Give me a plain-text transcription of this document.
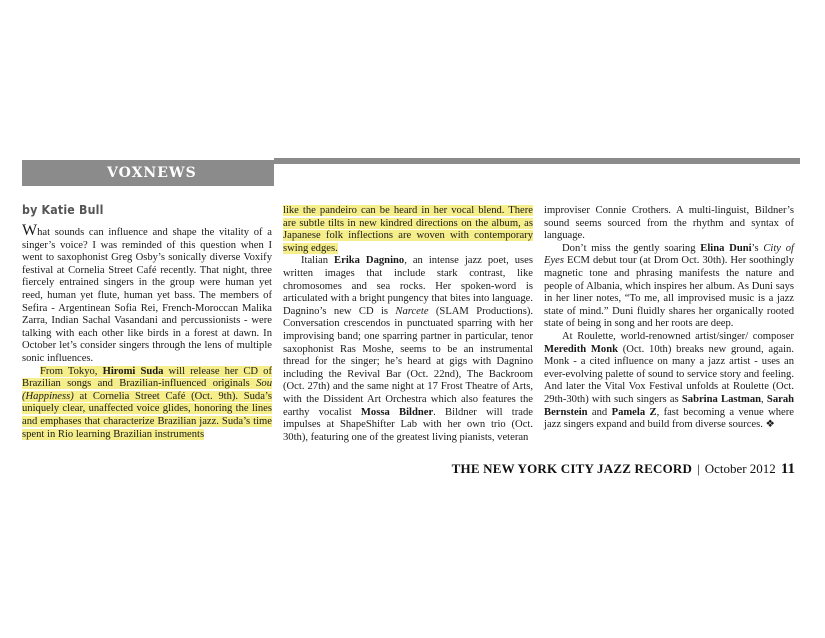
VOXNEWS
by Katie Bull

What sounds can influence and shape the vitality of a singer’s voice? I was reminded of this question when I went to saxophonist Greg Osby’s sonically diverse Voxify festival at Cornelia Street Café recently. That night, three fiercely entrained singers in the group were human yet reed, human yet flute, human yet bass. The members of Sefira - Argentinean Sofia Rei, French-Moroccan Malika Zarra, Indian Sachal Vasandani and percussionists - were talking with each other like birds in a forest at dawn. In October let’s consider singers through the lens of multiple sonic influences.

From Tokyo, Hiromi Suda will release her CD of Brazilian songs and Brazilian-influenced originals Sou (Happiness) at Cornelia Street Café (Oct. 9th). Suda’s uniquely clear, unaffected voice glides, honoring the lines and emphases that characterize Brazilian jazz. Suda’s time spent in Rio learning Brazilian instruments

like the pandeiro can be heard in her vocal blend. There are subtle tilts in new kindred directions on the album, as Japanese folk inflections are woven with contemporary swing edges.

Italian Erika Dagnino, an intense jazz poet, uses written images that include stark contrast, like chromosomes and sea rocks. Her spoken-word is articulated with a bright pungency that bites into language. Dagnino’s new CD is Narcete (SLAM Productions). Conversation crescendos in punctuated sparring with her improvising band; one sparring partner in particular, tenor saxophonist Ras Moshe, seems to be an instrumental thread for the singer; he’s heard at gigs with Dagnino including the Revival Bar (Oct. 22nd), The Backroom (Oct. 27th) and the same night at 17 Frost Theatre of Arts, with the Dissident Art Orchestra which also features the earthy vocalist Mossa Bildner. Bildner will trade impulses at ShapeShifter Lab with her own trio (Oct. 30th), featuring one of the greatest living pianists, veteran

improviser Connie Crothers. A multi-linguist, Bildner’s sound seems sourced from the rhythm and syntax of language.

Don’t miss the gently soaring Elina Duni’s City of Eyes ECM debut tour (at Drom Oct. 30th). Her soothingly magnetic tone and phrasing manifests the nature and people of Albania, which inspires her album. As Duni says in her liner notes, “To me, all improvised music is a jazz state of mind.” Duni fluidly shares her organically rooted state of being in song and her roots are deep.

At Roulette, world-renowned artist/singer/ composer Meredith Monk (Oct. 10th) breaks new ground, again. Monk - a cited influence on many a jazz artist - uses an ever-evolving palette of sound to service story and feeling. And later the Vital Vox Festival unfolds at Roulette (Oct. 29th-30th) with such singers as Sabrina Lastman, Sarah Bernstein and Pamela Z, fast becoming a venue where jazz singers expand and build from diverse sources. ❖

THE NEW YORK CITY JAZZ RECORD | October 2012 11
